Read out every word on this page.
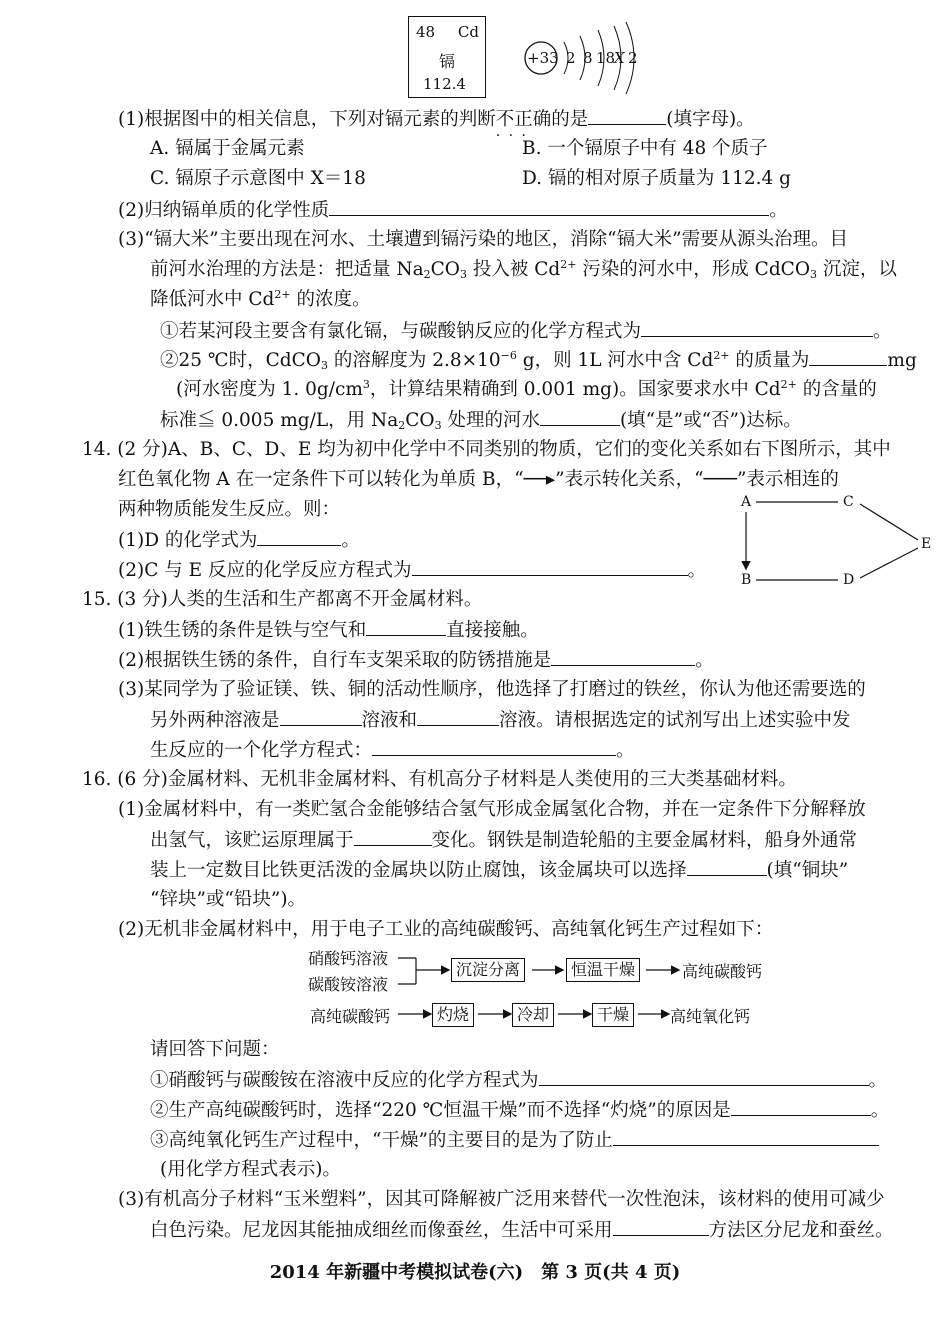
48 Cd
镉
112.4
+33 2 8 18
X 2
(1)根据图中的相关信息，下列对镉元素的判断不正确 · · · 的是	(填字母)。
A. 镉属于金属元素	B. 一个镉原子中有 48 个质子
C. 镉原子示意图中 X＝18	D. 镉的相对原子质量为 112.4 g
(2)归纳镉单质的化学性质	。
(3)“镉大米”主要出现在河水、土壤遭到镉污染的地区，消除“镉大米”需要从源头治理。目
前河水治理的方法是：把适量 $Na_2CO_3$ 投入被 $Cd^{2+}$ 污染的河水中，形成 CdCO$_3$ 沉淀，以
降低河水中 $Cd^{2+}$ 的浓度。
①若某河段主要含有氯化镉，与碳酸钠反应的化学方程式为	。
②25 ℃时，CdCO$_3$ 的溶解度为 $2.8\times 10^{-6}$ g，则 1L 河水中含 $Cd^{2+}$ 的质量为	mg
(河水密度为 1. $0g/cm^3$，计算结果精确到 0.001 mg)。国家要求水中 $Cd^{2+}$ 的含量的
标准≦ 0.005 mg/L，用 $Na_2CO_3$ 处理的河水	(填“是”或“否”)达标。
14. (2 分)A、B、C、D、E 均为初中化学中不同类别的物质，它们的变化关系如右下图所示，其中
红色氧化物 A 在一定条件下可以转化为单质 B，“──▸”表示转化关系，“───”表示相连的
两种物质能发生反应。则：
(1)D 的化学式为	。
(2)C 与 E 反应的化学反应方程式为	。
A	C
E
B	D
15. (3 分)人类的生活和生产都离不开金属材料。
(1)铁生锈的条件是铁与空气和	直接接触。
(2)根据铁生锈的条件，自行车支架采取的防锈措施是	。
(3)某同学为了验证镁、铁、铜的活动性顺序，他选择了打磨过的铁丝，你认为他还需要选的
另外两种溶液是	溶液和	溶液。请根据选定的试剂写出上述实验中发
生反应的一个化学方程式：	。
16. (6 分)金属材料、无机非金属材料、有机高分子材料是人类使用的三大类基础材料。
(1)金属材料中，有一类贮氢合金能够结合氢气形成金属氢化合物，并在一定条件下分解释放
出氢气，该贮运原理属于	变化。钢铁是制造轮船的主要金属材料，船身外通常
装上一定数目比铁更活泼的金属块以防止腐蚀，该金属块可以选择	(填“铜块”
“锌块”或“铅块”)。
(2)无机非金属材料中，用于电子工业的高纯碳酸钙、高纯氧化钙生产过程如下：
硝酸钙溶液
碳酸铵溶液
沉淀分离	恒温干燥	高纯碳酸钙
高纯碳酸钙	灼烧	冷却	干燥	高纯氧化钙
请回答下问题：
①硝酸钙与碳酸铵在溶液中反应的化学方程式为	。
②生产高纯碳酸钙时，选择“220 ℃恒温干燥”而不选择“灼烧”的原因是	。
③高纯氧化钙生产过程中，“干燥”的主要目的是为了防止
(用化学方程式表示)。
(3)有机高分子材料“玉米塑料”，因其可降解被广泛用来替代一次性泡沫，该材料的使用可减少
白色污染。尼龙因其能抽成细丝而像蚕丝，生活中可采用	方法区分尼龙和蚕丝。
2014 年新疆中考模拟试卷(六)　第 3 页(共 4 页)
